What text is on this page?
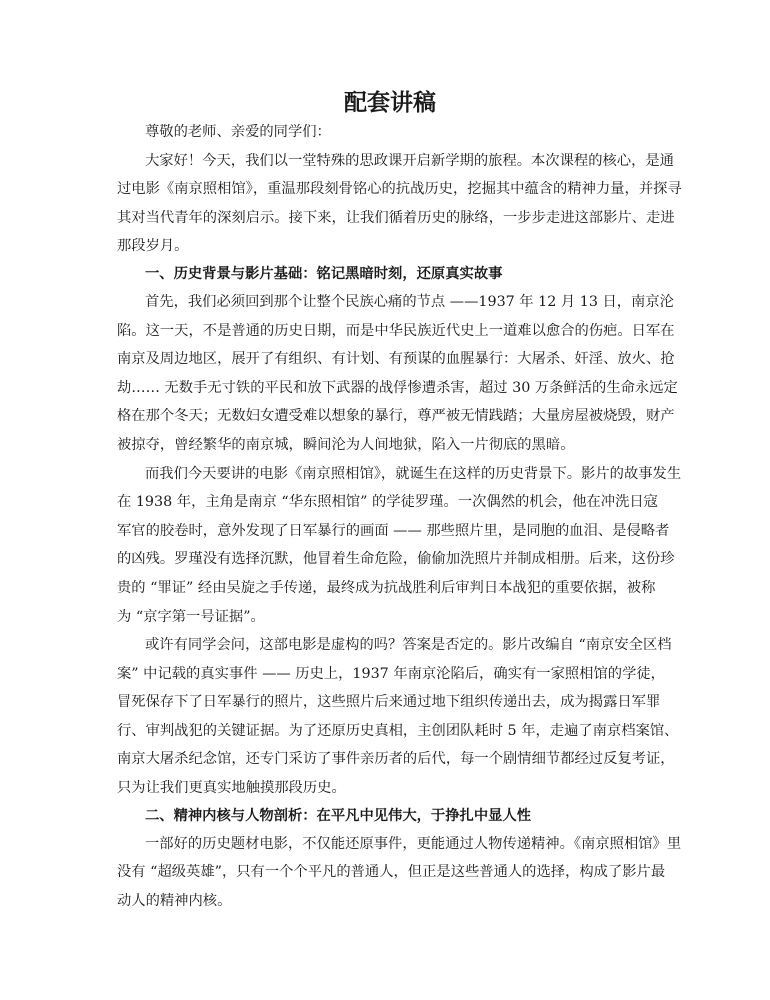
配套讲稿
尊敬的老师、亲爱的同学们：
大家好！今天，我们以一堂特殊的思政课开启新学期的旅程。本次课程的核心，是通
过电影《南京照相馆》，重温那段刻骨铭心的抗战历史，挖掘其中蕴含的精神力量，并探寻
其对当代青年的深刻启示。接下来，让我们循着历史的脉络，一步步走进这部影片、走进
那段岁月。
一、历史背景与影片基础：铭记黑暗时刻，还原真实故事
首先，我们必须回到那个让整个民族心痛的节点 ——1937 年 12 月 13 日，南京沦
陷。这一天，不是普通的历史日期，而是中华民族近代史上一道难以愈合的伤疤。日军在
南京及周边地区，展开了有组织、有计划、有预谋的血腥暴行：大屠杀、奸淫、放火、抢
劫…… 无数手无寸铁的平民和放下武器的战俘惨遭杀害，超过 30 万条鲜活的生命永远定
格在那个冬天；无数妇女遭受难以想象的暴行，尊严被无情践踏；大量房屋被烧毁，财产
被掠夺，曾经繁华的南京城，瞬间沦为人间地狱，陷入一片彻底的黑暗。
而我们今天要讲的电影《南京照相馆》，就诞生在这样的历史背景下。影片的故事发生
在 1938 年，主角是南京 “华东照相馆” 的学徒罗瑾。一次偶然的机会，他在冲洗日寇
军官的胶卷时，意外发现了日军暴行的画面 —— 那些照片里，是同胞的血泪、是侵略者
的凶残。罗瑾没有选择沉默，他冒着生命危险，偷偷加洗照片并制成相册。后来，这份珍
贵的 “罪证” 经由吴旋之手传递，最终成为抗战胜利后审判日本战犯的重要依据，被称
为 “京字第一号证据”。
或许有同学会问，这部电影是虚构的吗？答案是否定的。影片改编自 “南京安全区档
案” 中记载的真实事件 —— 历史上，1937 年南京沦陷后，确实有一家照相馆的学徒，
冒死保存下了日军暴行的照片，这些照片后来通过地下组织传递出去，成为揭露日军罪
行、审判战犯的关键证据。为了还原历史真相，主创团队耗时 5 年，走遍了南京档案馆、
南京大屠杀纪念馆，还专门采访了事件亲历者的后代，每一个剧情细节都经过反复考证，
只为让我们更真实地触摸那段历史。
二、精神内核与人物剖析：在平凡中见伟大，于挣扎中显人性
一部好的历史题材电影，不仅能还原事件，更能通过人物传递精神。《南京照相馆》里
没有 “超级英雄”，只有一个个平凡的普通人，但正是这些普通人的选择，构成了影片最
动人的精神内核。
